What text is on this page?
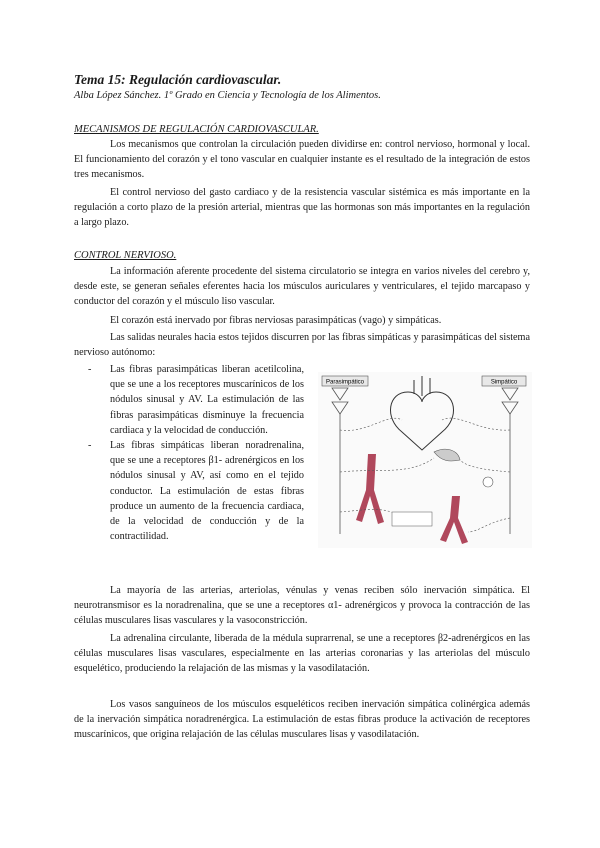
Tema 15: Regulación cardiovascular.
Alba López Sánchez. 1º Grado en Ciencia y Tecnología de los Alimentos.
MECANISMOS DE REGULACIÓN CARDIOVASCULAR.

Los mecanismos que controlan la circulación pueden dividirse en: control nervioso, hormonal y local. El funcionamiento del corazón y el tono vascular en cualquier instante es el resultado de la integración de estos tres mecanismos.

El control nervioso del gasto cardiaco y de la resistencia vascular sistémica es más importante en la regulación a corto plazo de la presión arterial, mientras que las hormonas son más importantes en la regulación a largo plazo.

CONTROL NERVIOSO.

La información aferente procedente del sistema circulatorio se integra en varios niveles del cerebro y, desde este, se generan señales eferentes hacia los músculos auriculares y ventriculares, el tejido marcapaso y conductor del corazón y el músculo liso vascular.

El corazón está inervado por fibras nerviosas parasimpáticas (vago) y simpáticas.

Las salidas neurales hacia estos tejidos discurren por las fibras simpáticas y parasimpáticas del sistema nervioso autónomo:

- Las fibras parasimpáticas liberan acetilcolina, que se une a los receptores muscarínicos de los nódulos sinusal y AV. La estimulación de las fibras parasimpáticas disminuye la frecuencia cardiaca y la velocidad de conducción.
- Las fibras simpáticas liberan noradrenalina, que se une a receptores β1- adrenérgicos en los nódulos sinusal y AV, así como en el tejido conductor. La estimulación de estas fibras produce un aumento de la frecuencia cardiaca, de la velocidad de conducción y de la contractilidad.
Parasimpático	Simpático

La mayoría de las arterias, arteriolas, vénulas y venas reciben sólo inervación simpática. El neurotransmisor es la noradrenalina, que se une a receptores α1- adrenérgicos y provoca la contracción de las células musculares lisas vasculares y la vasoconstricción.

La adrenalina circulante, liberada de la médula suprarrenal, se une a receptores β2-adrenérgicos en las células musculares lisas vasculares, especialmente en las arterias coronarias y las arteriolas del músculo esquelético, produciendo la relajación de las mismas y la vasodilatación.

Los vasos sanguíneos de los músculos esqueléticos reciben inervación simpática colinérgica además de la inervación simpática noradrenérgica. La estimulación de estas fibras produce la activación de receptores muscarínicos, que origina relajación de las células musculares lisas y vasodilatación.
